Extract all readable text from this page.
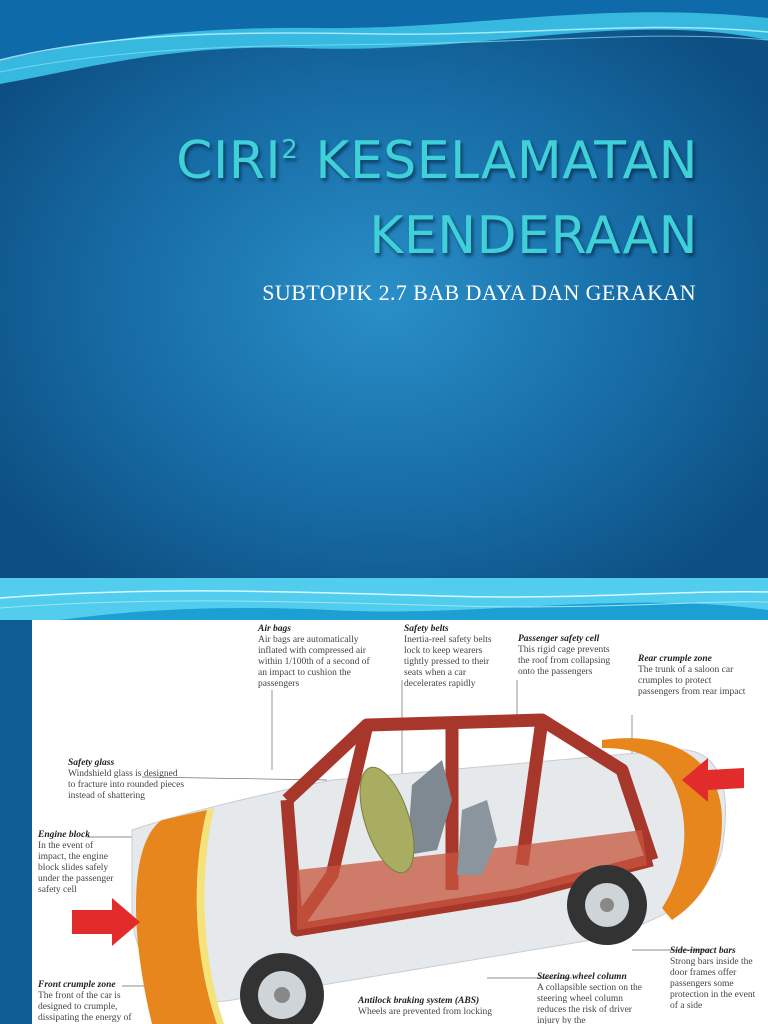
CIRI$^2$ KESELAMATAN
KENDERAAN
SUBTOPIK 2.7 BAB DAYA DAN GERAKAN
Air bags
Air bags are automatically inflated with compressed air within 1/100th of a second of an impact to cushion the passengers
Safety belts
Inertia-reel safety belts lock to keep wearers tightly pressed to their seats when a car decelerates rapidly
Passenger safety cell
This rigid cage prevents the roof from collapsing onto the passengers
Rear crumple zone
The trunk of a saloon car crumples to protect passengers from rear impact
Safety glass
Windshield glass is designed to fracture into rounded pieces instead of shattering
Engine block
In the event of impact, the engine block slides safely under the passenger safety cell
Side-impact bars
Strong bars inside the door frames offer passengers some protection in the event of a side
Steering wheel column
A collapsible section on the steering wheel column reduces the risk of driver injury by the
Antilock braking system (ABS)
Wheels are prevented from locking
Front crumple zone
The front of the car is designed to crumple, dissipating the energy of
